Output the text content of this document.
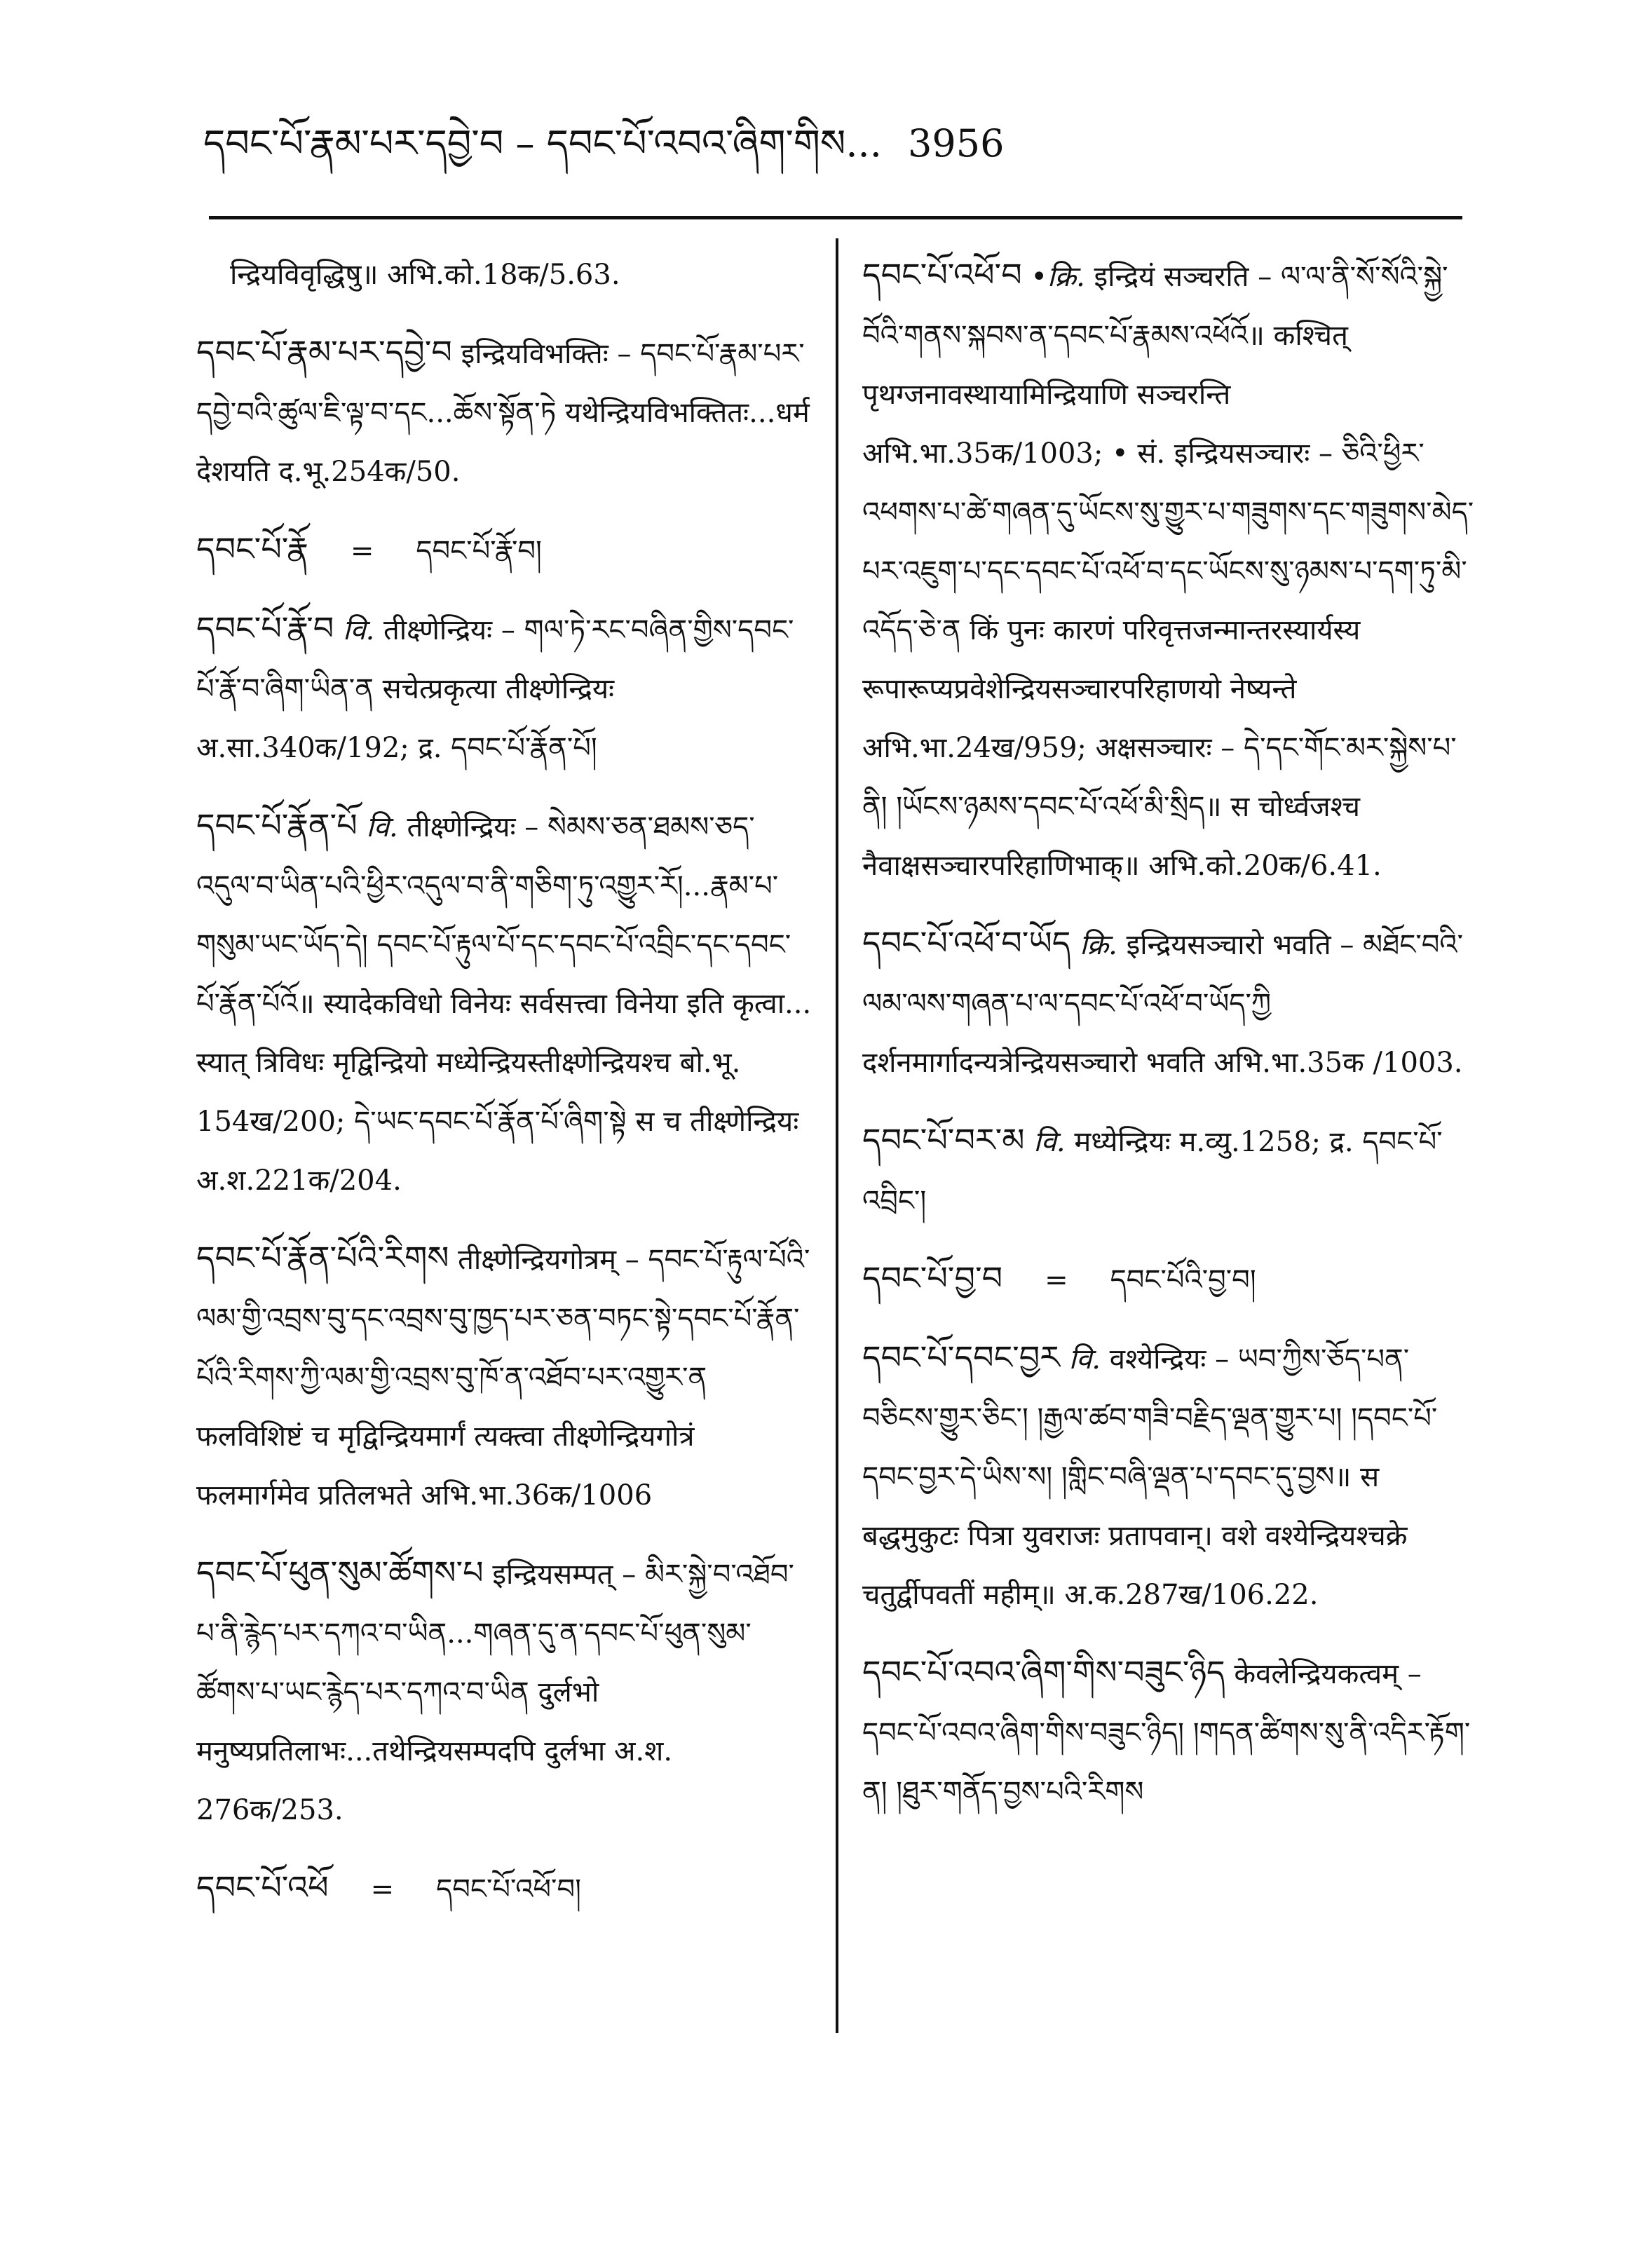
དབང་པོ་རྣམ་པར་དབྱེ་བ – དབང་པོ་འབའ་ཞིག་གིས... 3956
न्द्रियविवृद्धिषु॥ अभि.को.18क/5.63.
དབང་པོ་རྣམ་པར་དབྱེ་བ इन्द्रियविभक्तिः – དབང་པོ་རྣམ་པར་དབྱེ་བའི་ཚུལ་ཇི་ལྟ་བ་དང...ཆོས་སྟོན་ཏེ यथेन्द्रियविभक्तितः...धर्म देशयति द.भू.254क/50.
དབང་པོ་རྣོ = དབང་པོ་རྣོ་བ།
དབང་པོ་རྣོ་བ वि. तीक्ष्णेन्द्रियः – གལ་ཏེ་རང་བཞིན་གྱིས་དབང་པོ་རྣོ་བ་ཞིག་ཡིན་ན सचेत्प्रकृत्या तीक्ष्णेन्द्रियः अ.सा.340क/192; द्र. དབང་པོ་རྣོན་པོ།
དབང་པོ་རྣོན་པོ वि. तीक्ष्णेन्द्रियः – སེམས་ཅན་ཐམས་ཅད་འདུལ་བ་ཡིན་པའི་ཕྱིར་འདུལ་བ་ནི་གཅིག་ཏུ་འགྱུར་རོ།...རྣམ་པ་གསུམ་ཡང་ཡོད་དེ། དབང་པོ་རྟུལ་པོ་དང་དབང་པོ་འབྲིང་དང་དབང་པོ་རྣོན་པོའོ॥ स्यादेकविधो विनेयः सर्वसत्त्वा विनेया इति कृत्वा... स्यात् त्रिविधः मृद्विन्द्रियो मध्येन्द्रियस्तीक्ष्णेन्द्रियश्च बो.भू. 154ख/200; དེ་ཡང་དབང་པོ་རྣོན་པོ་ཞིག་སྟེ स च तीक्ष्णेन्द्रियः अ.श.221क/204.
དབང་པོ་རྣོན་པོའི་རིགས तीक्ष्णेन्द्रियगोत्रम् – དབང་པོ་རྟུལ་པོའི་ལམ་གྱི་འབྲས་བུ་དང་འབྲས་བུ་ཁྱད་པར་ཅན་བཏང་སྟེ་དབང་པོ་རྣོན་པོའི་རིགས་ཀྱི་ལམ་གྱི་འབྲས་བུ་ཁོ་ན་འཐོབ་པར་འགྱུར་ན फलविशिष्टं च मृद्विन्द्रियमार्गं त्यक्त्वा तीक्ष्णेन्द्रियगोत्रं फलमार्गमेव प्रतिलभते अभि.भा.36क/1006
དབང་པོ་ཕུན་སུམ་ཚོགས་པ इन्द्रियसम्पत् – མིར་སྐྱེ་བ་འཐོབ་པ་ནི་རྙེད་པར་དཀའ་བ་ཡིན...གཞན་དུ་ན་དབང་པོ་ཕུན་སུམ་ཚོགས་པ་ཡང་རྙེད་པར་དཀའ་བ་ཡིན दुर्लभो मनुष्यप्रतिलाभः...तथेन्द्रियसम्पदपि दुर्लभा अ.श. 276क/253.
དབང་པོ་འཕོ = དབང་པོ་འཕོ་བ།
དབང་པོ་འཕོ་བ •क्रि. इन्द्रियं सञ्चरति – ལ་ལ་ནི་སོ་སོའི་སྐྱེ་བོའི་གནས་སྐབས་ན་དབང་པོ་རྣམས་འཕོའོ॥ कश्चित् पृथग्जनावस्थायामिन्द्रियाणि सञ्चरन्ति अभि.भा.35क/1003; • सं. इन्द्रियसञ्चारः – ཅིའི་ཕྱིར་འཕགས་པ་ཚེ་གཞན་དུ་ཡོངས་སུ་གྱུར་པ་གཟུགས་དང་གཟུགས་མེད་པར་འཇུག་པ་དང་དབང་པོ་འཕོ་བ་དང་ཡོངས་སུ་ཉམས་པ་དག་ཏུ་མི་འདོད་ཅེ་ན किं पुनः कारणं परिवृत्तजन्मान्तरस्यार्यस्य रूपारूप्यप्रवेशेन्द्रियसञ्चारपरिहाणयो नेष्यन्ते अभि.भा.24ख/959; अक्षसञ्चारः – དེ་དང་གོང་མར་སྐྱེས་པ་ནི། །ཡོངས་ཉམས་དབང་པོ་འཕོ་མི་སྲིད॥ स चोर्ध्वजश्च नैवाक्षसञ्चारपरिहाणिभाक्॥ अभि.को.20क/6.41.
དབང་པོ་འཕོ་བ་ཡོད क्रि. इन्द्रियसञ्चारो भवति – མཐོང་བའི་ལམ་ལས་གཞན་པ་ལ་དབང་པོ་འཕོ་བ་ཡོད་ཀྱི दर्शनमार्गादन्यत्रेन्द्रियसञ्चारो भवति अभि.भा.35क /1003.
དབང་པོ་བར་མ वि. मध्येन्द्रियः म.व्यु.1258; द्र. དབང་པོ་འབྲིང་།
དབང་པོ་བྱ་བ = དབང་པོའི་བྱ་བ།
དབང་པོ་དབང་བྱར वि. वश्येन्द्रियः – ཡབ་ཀྱིས་ཅོད་པན་བཅིངས་གྱུར་ཅིང་། །རྒྱལ་ཚབ་གཟི་བརྗིད་ལྡན་གྱུར་པ། །དབང་པོ་དབང་བྱར་དེ་ཡིས་ས། །གླིང་བཞི་ལྡན་པ་དབང་དུ་བྱས॥ स बद्धमुकुटः पित्रा युवराजः प्रतापवान्। वशे वश्येन्द्रियश्चक्रे चतुर्द्वीपवतीं महीम्॥ अ.क.287ख/106.22.
དབང་པོ་འབའ་ཞིག་གིས་བཟུང་ཉིད केवलेन्द्रियकत्वम् – དབང་པོ་འབའ་ཞིག་གིས་བཟུང་ཉིད། །གདན་ཚིགས་སུ་ནི་འདིར་རྟོག་ན། །ཐུར་གནོད་བྱས་པའི་རིགས
